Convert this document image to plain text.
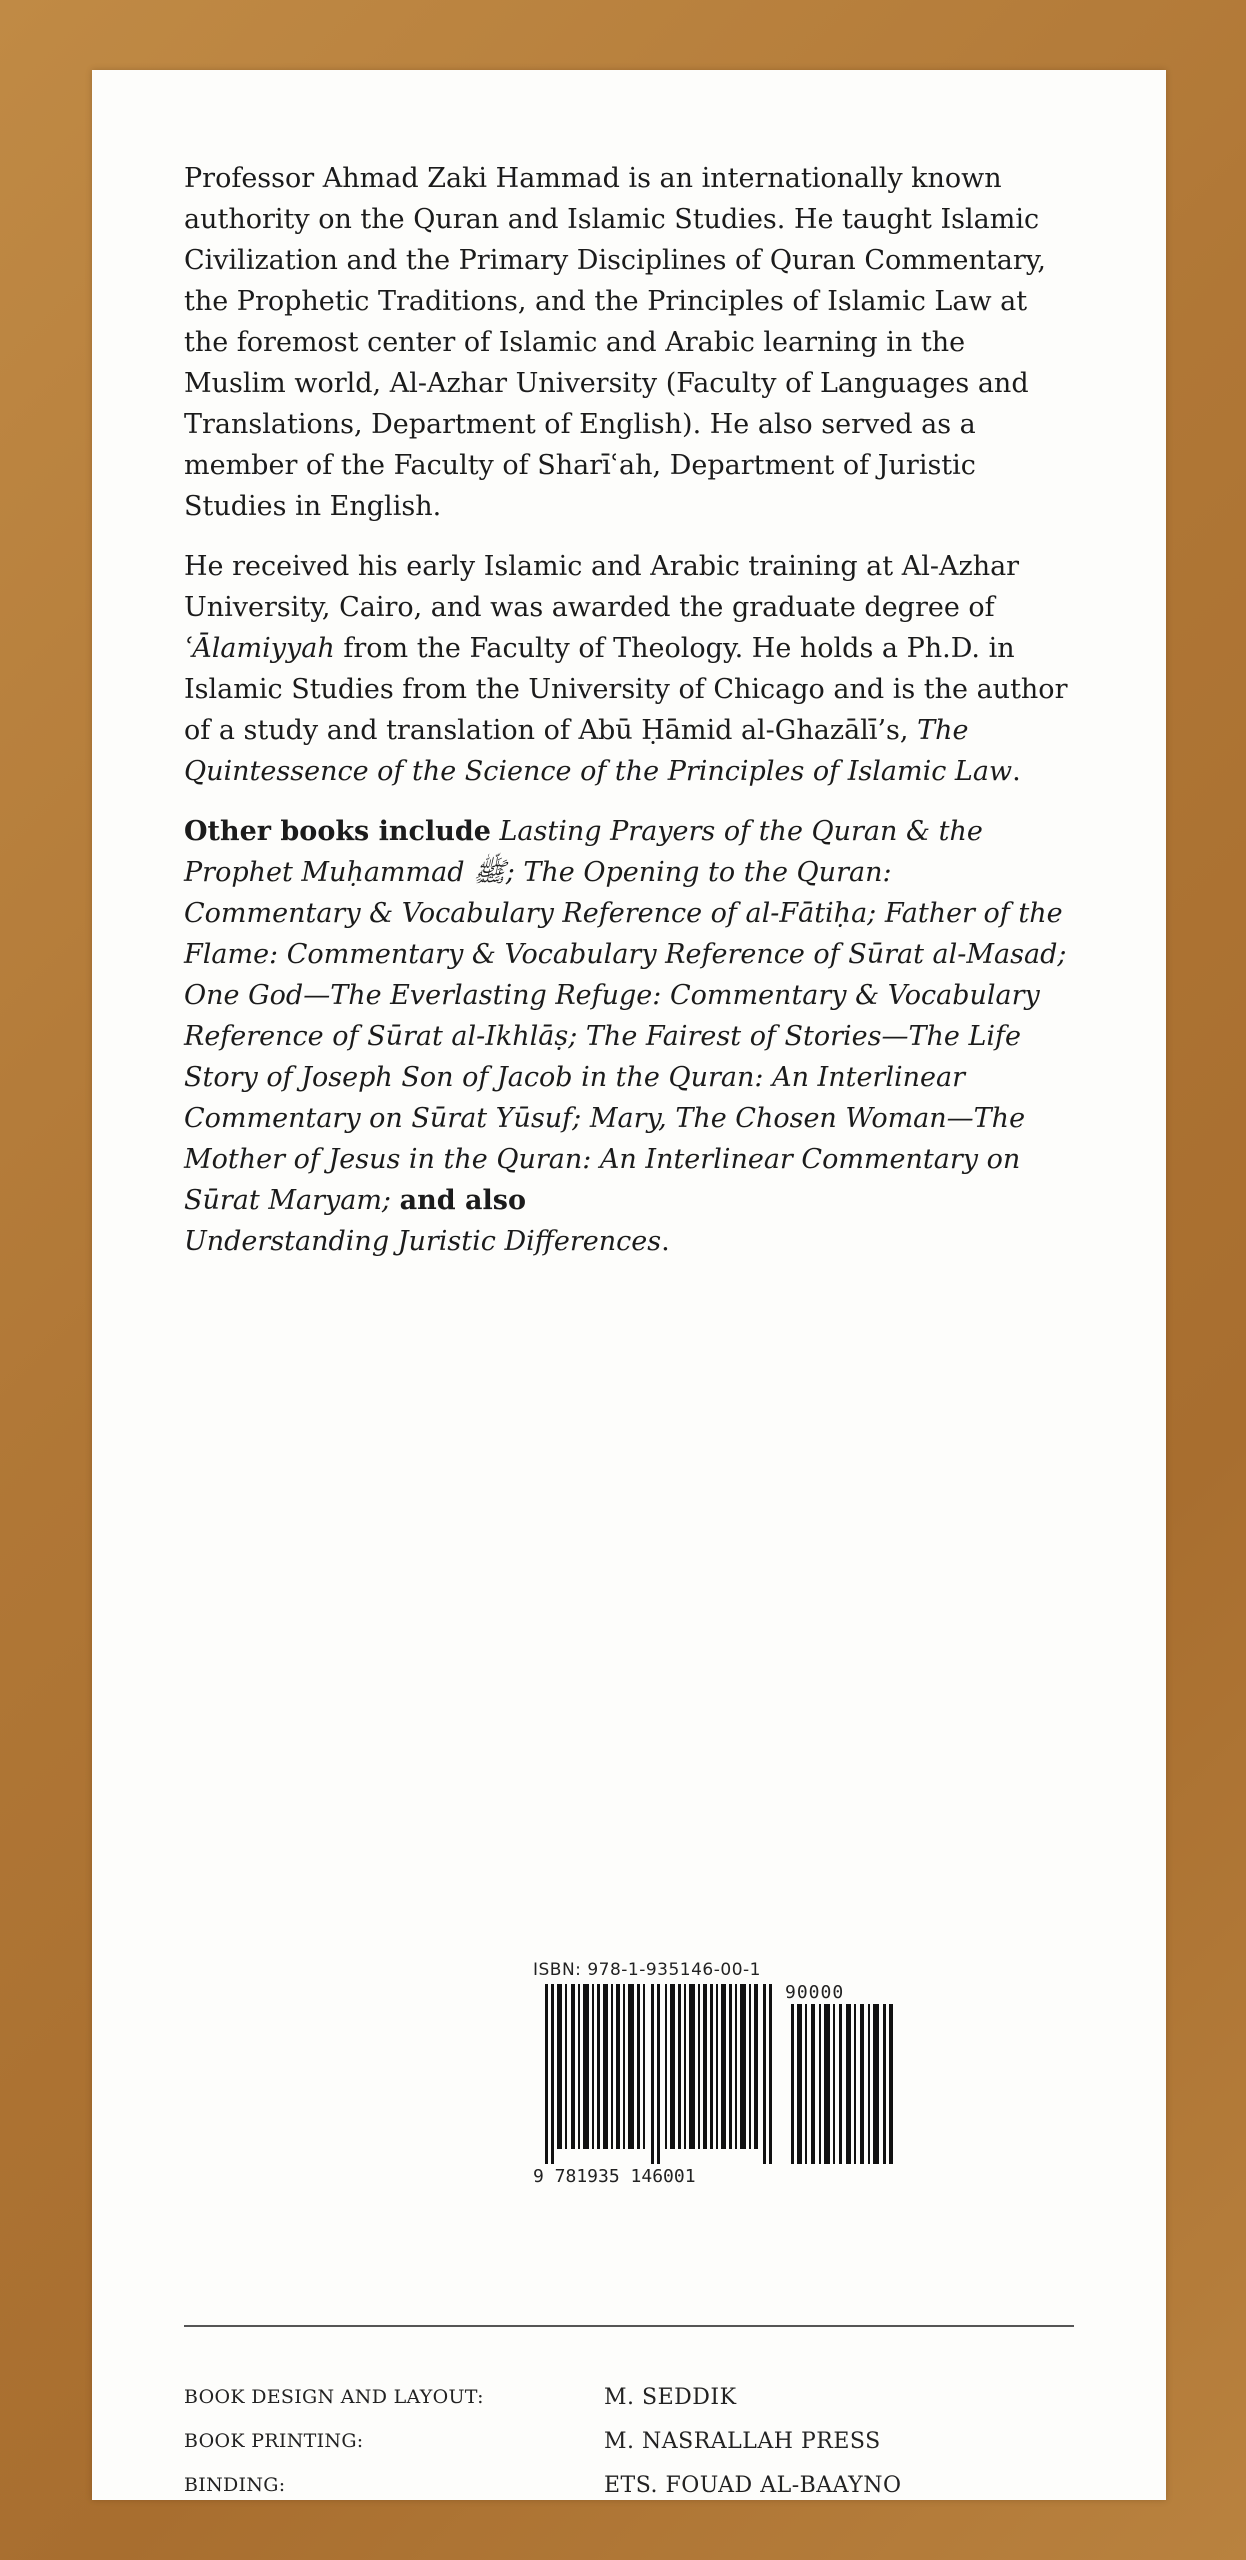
Professor Ahmad Zaki Hammad is an internationally known authority on the Quran and Islamic Studies. He taught Islamic Civilization and the Primary Disciplines of Quran Commentary, the Prophetic Traditions, and the Principles of Islamic Law at the foremost center of Islamic and Arabic learning in the Muslim world, Al-Azhar University (Faculty of Languages and Translations, Department of English). He also served as a member of the Faculty of Sharīʿah, Department of Juristic Studies in English.

He received his early Islamic and Arabic training at Al-Azhar University, Cairo, and was awarded the graduate degree of ʿĀlamiyyah from the Faculty of Theology. He holds a Ph.D. in Islamic Studies from the University of Chicago and is the author of a study and translation of Abū Ḥāmid al-Ghazālī’s, The Quintessence of the Science of the Principles of Islamic Law.

Other books include Lasting Prayers of the Quran & the Prophet Muḥammad ﷺ; The Opening to the Quran: Commentary & Vocabulary Reference of al-Fātiḥa; Father of the Flame: Commentary & Vocabulary Reference of Sūrat al-Masad; One God—The Everlasting Refuge: Commentary & Vocabulary Reference of Sūrat al-Ikhlāṣ; The Fairest of Stories—The Life Story of Joseph Son of Jacob in the Quran: An Interlinear Commentary on Sūrat Yūsuf; Mary, The Chosen Woman—The Mother of Jesus in the Quran: An Interlinear Commentary on Sūrat Maryam; and also
Understanding Juristic Differences.

ISBN: 978-1-935146-00-1
90000
9 781935 146001
BOOK DESIGN AND LAYOUT:	M. SEDDIK
BOOK PRINTING:	M. NASRALLAH PRESS
BINDING:	ETS. FOUAD AL-BAAYNO
